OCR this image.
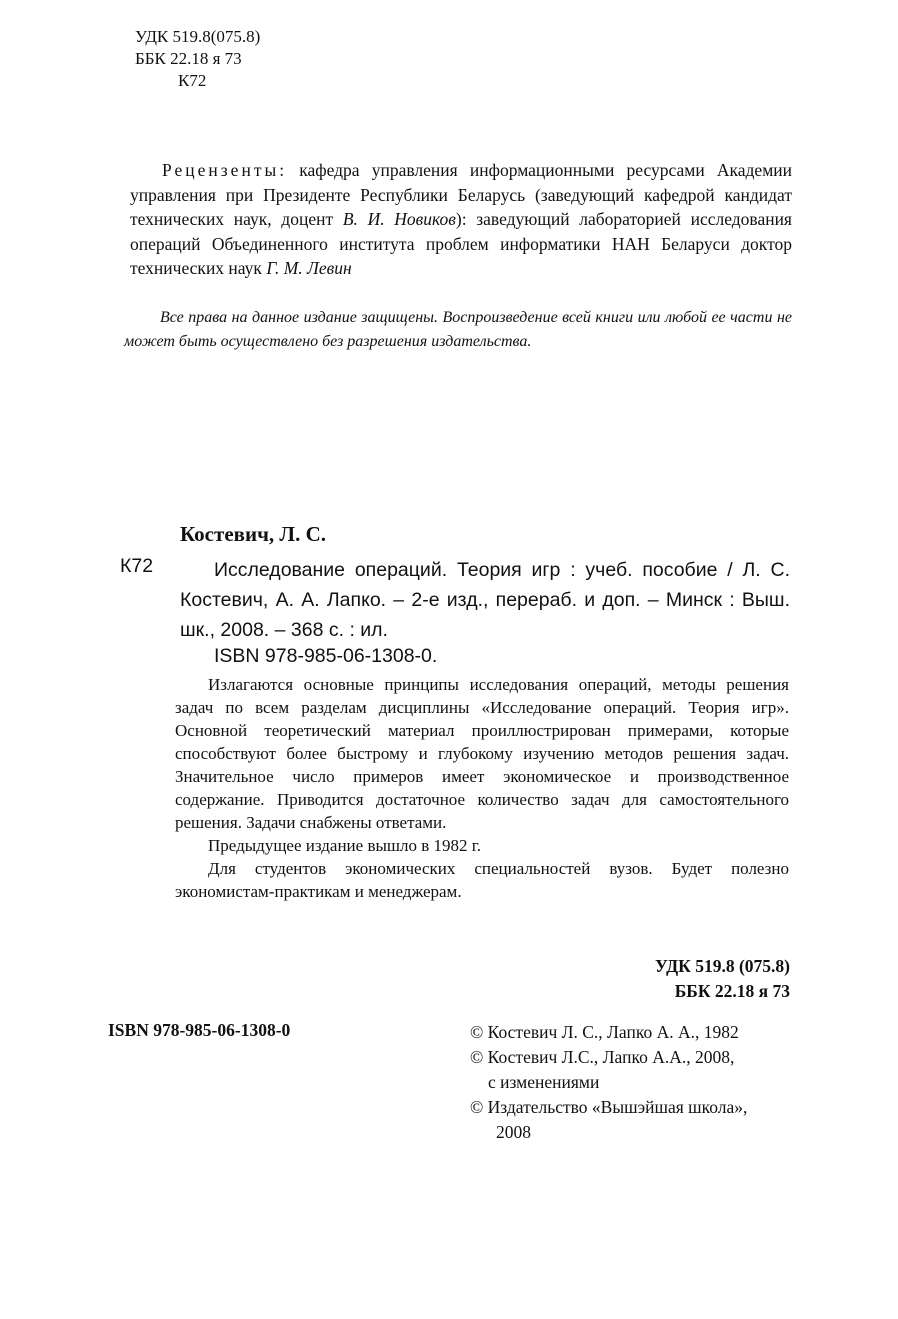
УДК 519.8(075.8)
ББК 22.18 я 73
К72

Рецензенты: кафедра управления информационными ресурсами Академии управления при Президенте Республики Беларусь (заведующий кафедрой кандидат технических наук, доцент В. И. Новиков): заведующий лабораторией исследования операций Объединенного института проблем информатики НАН Беларуси доктор технических наук Г. М. Левин

Все права на данное издание защищены. Воспроизведение всей книги или любой ее части не может быть осуществлено без разрешения издательства.

Костевич, Л. С.
К72	Исследование операций. Теория игр : учеб. пособие / Л. С. Костевич, А. А. Лапко. – 2-е изд., перераб. и доп. – Минск : Выш. шк., 2008. – 368 с. : ил.

ISBN 978-985-06-1308-0.

Излагаются основные принципы исследования операций, методы решения задач по всем разделам дисциплины «Исследование операций. Теория игр». Основной теоретический материал проиллюстрирован примерами, которые способствуют более быстрому и глубокому изучению методов решения задач. Значительное число примеров имеет экономическое и производственное содержание. Приводится достаточное количество задач для самостоятельного решения. Задачи снабжены ответами.

Предыдущее издание вышло в 1982 г.

Для студентов экономических специальностей вузов. Будет полезно экономистам-практикам и менеджерам.

УДК 519.8 (075.8)
ББК 22.18 я 73
ISBN 978-985-06-1308-0	© Костевич Л. С., Лапко А. А., 1982
© Костевич Л.С., Лапко А.А., 2008,
с изменениями
© Издательство «Вышэйшая школа»,
2008
